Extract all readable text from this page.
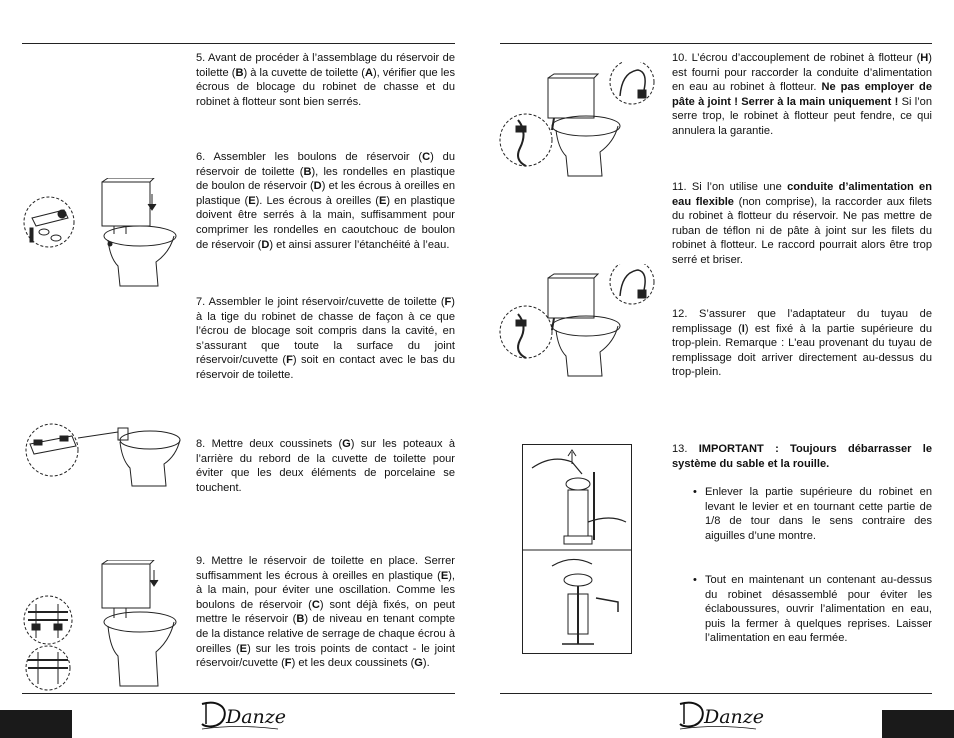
5. Avant de procéder à l’assemblage du réservoir de toilette (B) à la cuvette de toilette (A), vérifier que les écrous de blocage du robinet de chasse et du robinet à flotteur sont bien serrés.
6. Assembler les boulons de réservoir (C) du réservoir de toilette (B), les rondelles en plastique de boulon de réservoir (D) et les écrous à oreilles en plastique (E). Les écrous à oreilles (E) en plastique doivent être serrés à la main, suffisamment pour comprimer les rondelles en caoutchouc de boulon de réservoir (D) et ainsi assurer l’étanchéité à l’eau.
7. Assembler le joint réservoir/cuvette de toilette (F) à la tige du robinet de chasse de façon à ce que l’écrou de blocage soit compris dans la cavité, en s’assurant que toute la surface du joint réservoir/cuvette (F) soit en contact avec le bas du réservoir de toilette.
8. Mettre deux coussinets (G) sur les poteaux à l’arrière du rebord de la cuvette de toilette pour éviter que les deux éléments de porcelaine se touchent.
9. Mettre le réservoir de toilette en place. Serrer suffisamment les écrous à oreilles en plastique (E), à la main, pour éviter une oscillation. Comme les boulons de réservoir (C) sont déjà fixés, on peut mettre le réservoir (B) de niveau en tenant compte de la distance relative de serrage de chaque écrou à oreilles (E) sur les trois points de contact - le joint réservoir/cuvette (F) et les deux coussinets (G).
10. L’écrou d’accouplement de robinet à flotteur (H) est fourni pour raccorder la conduite d’alimentation en eau au robinet à flotteur. Ne pas employer de pâte à joint ! Serrer à la main uniquement ! Si l’on serre trop, le robinet à flotteur peut fendre, ce qui annulera la garantie.
11. Si l’on utilise une conduite d’alimentation en eau flexible (non comprise), la raccorder aux filets du robinet à flotteur du réservoir. Ne pas mettre de ruban de téflon ni de pâte à joint sur les filets du robinet à flotteur. Le raccord pourrait alors être trop serré et briser.
12. S’assurer que l’adaptateur du tuyau de remplissage (I) est fixé à la partie supérieure du trop-plein. Remarque : L'eau provenant du tuyau de remplissage doit arriver directement au-dessus du trop-plein.
13. IMPORTANT : Toujours débarrasser le système du sable et la rouille.
• Enlever la partie supérieure du robinet en levant le levier et en tournant cette partie de 1/8 de tour dans le sens contraire des aiguilles d’une montre.
• Tout en maintenant un contenant au-dessus du robinet désassemblé pour éviter les éclaboussures, ouvrir l’alimentation en eau, puis la fermer à quelques reprises. Laisser l’alimentation en eau fermée.
Danze	Danze
